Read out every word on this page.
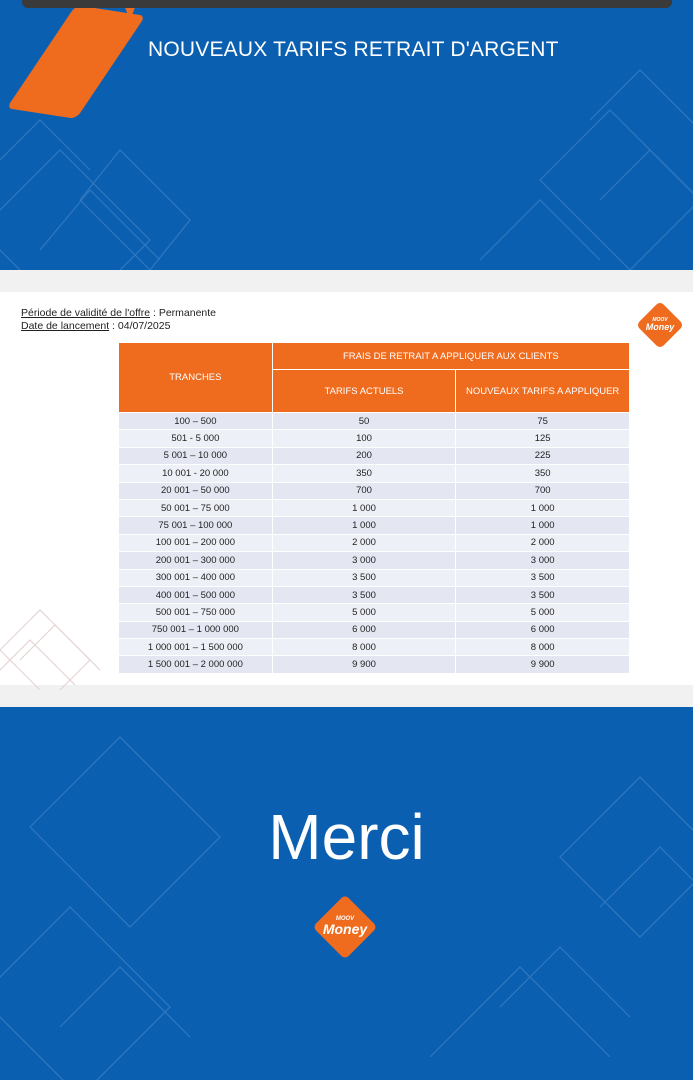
NOUVEAUX TARIFS RETRAIT D'ARGENT
Période de validité de l'offre : Permanente
Date de lancement : 04/07/2025	MOOV
Money
TRANCHES	FRAIS DE RETRAIT A APPLIQUER AUX CLIENTS	
	TARIFS ACTUELS	NOUVEAUX TARIFS A APPLIQUER
100 – 500	50	75
501 - 5 000	100	125
5 001 – 10 000	200	225
10 001 - 20 000	350	350
20 001 – 50 000	700	700
50 001 – 75 000	1 000	1 000
75 001 – 100 000	1 000	1 000
100 001 – 200 000	2 000	2 000
200 001 – 300 000	3 000	3 000
300 001 – 400 000	3 500	3 500
400 001 – 500 000	3 500	3 500
500 001 – 750 000	5 000	5 000
750 001 – 1 000 000	6 000	6 000
1 000 001 – 1 500 000	8 000	8 000
1 500 001 – 2 000 000	9 900	9 900
Merci
MOOV
Money
